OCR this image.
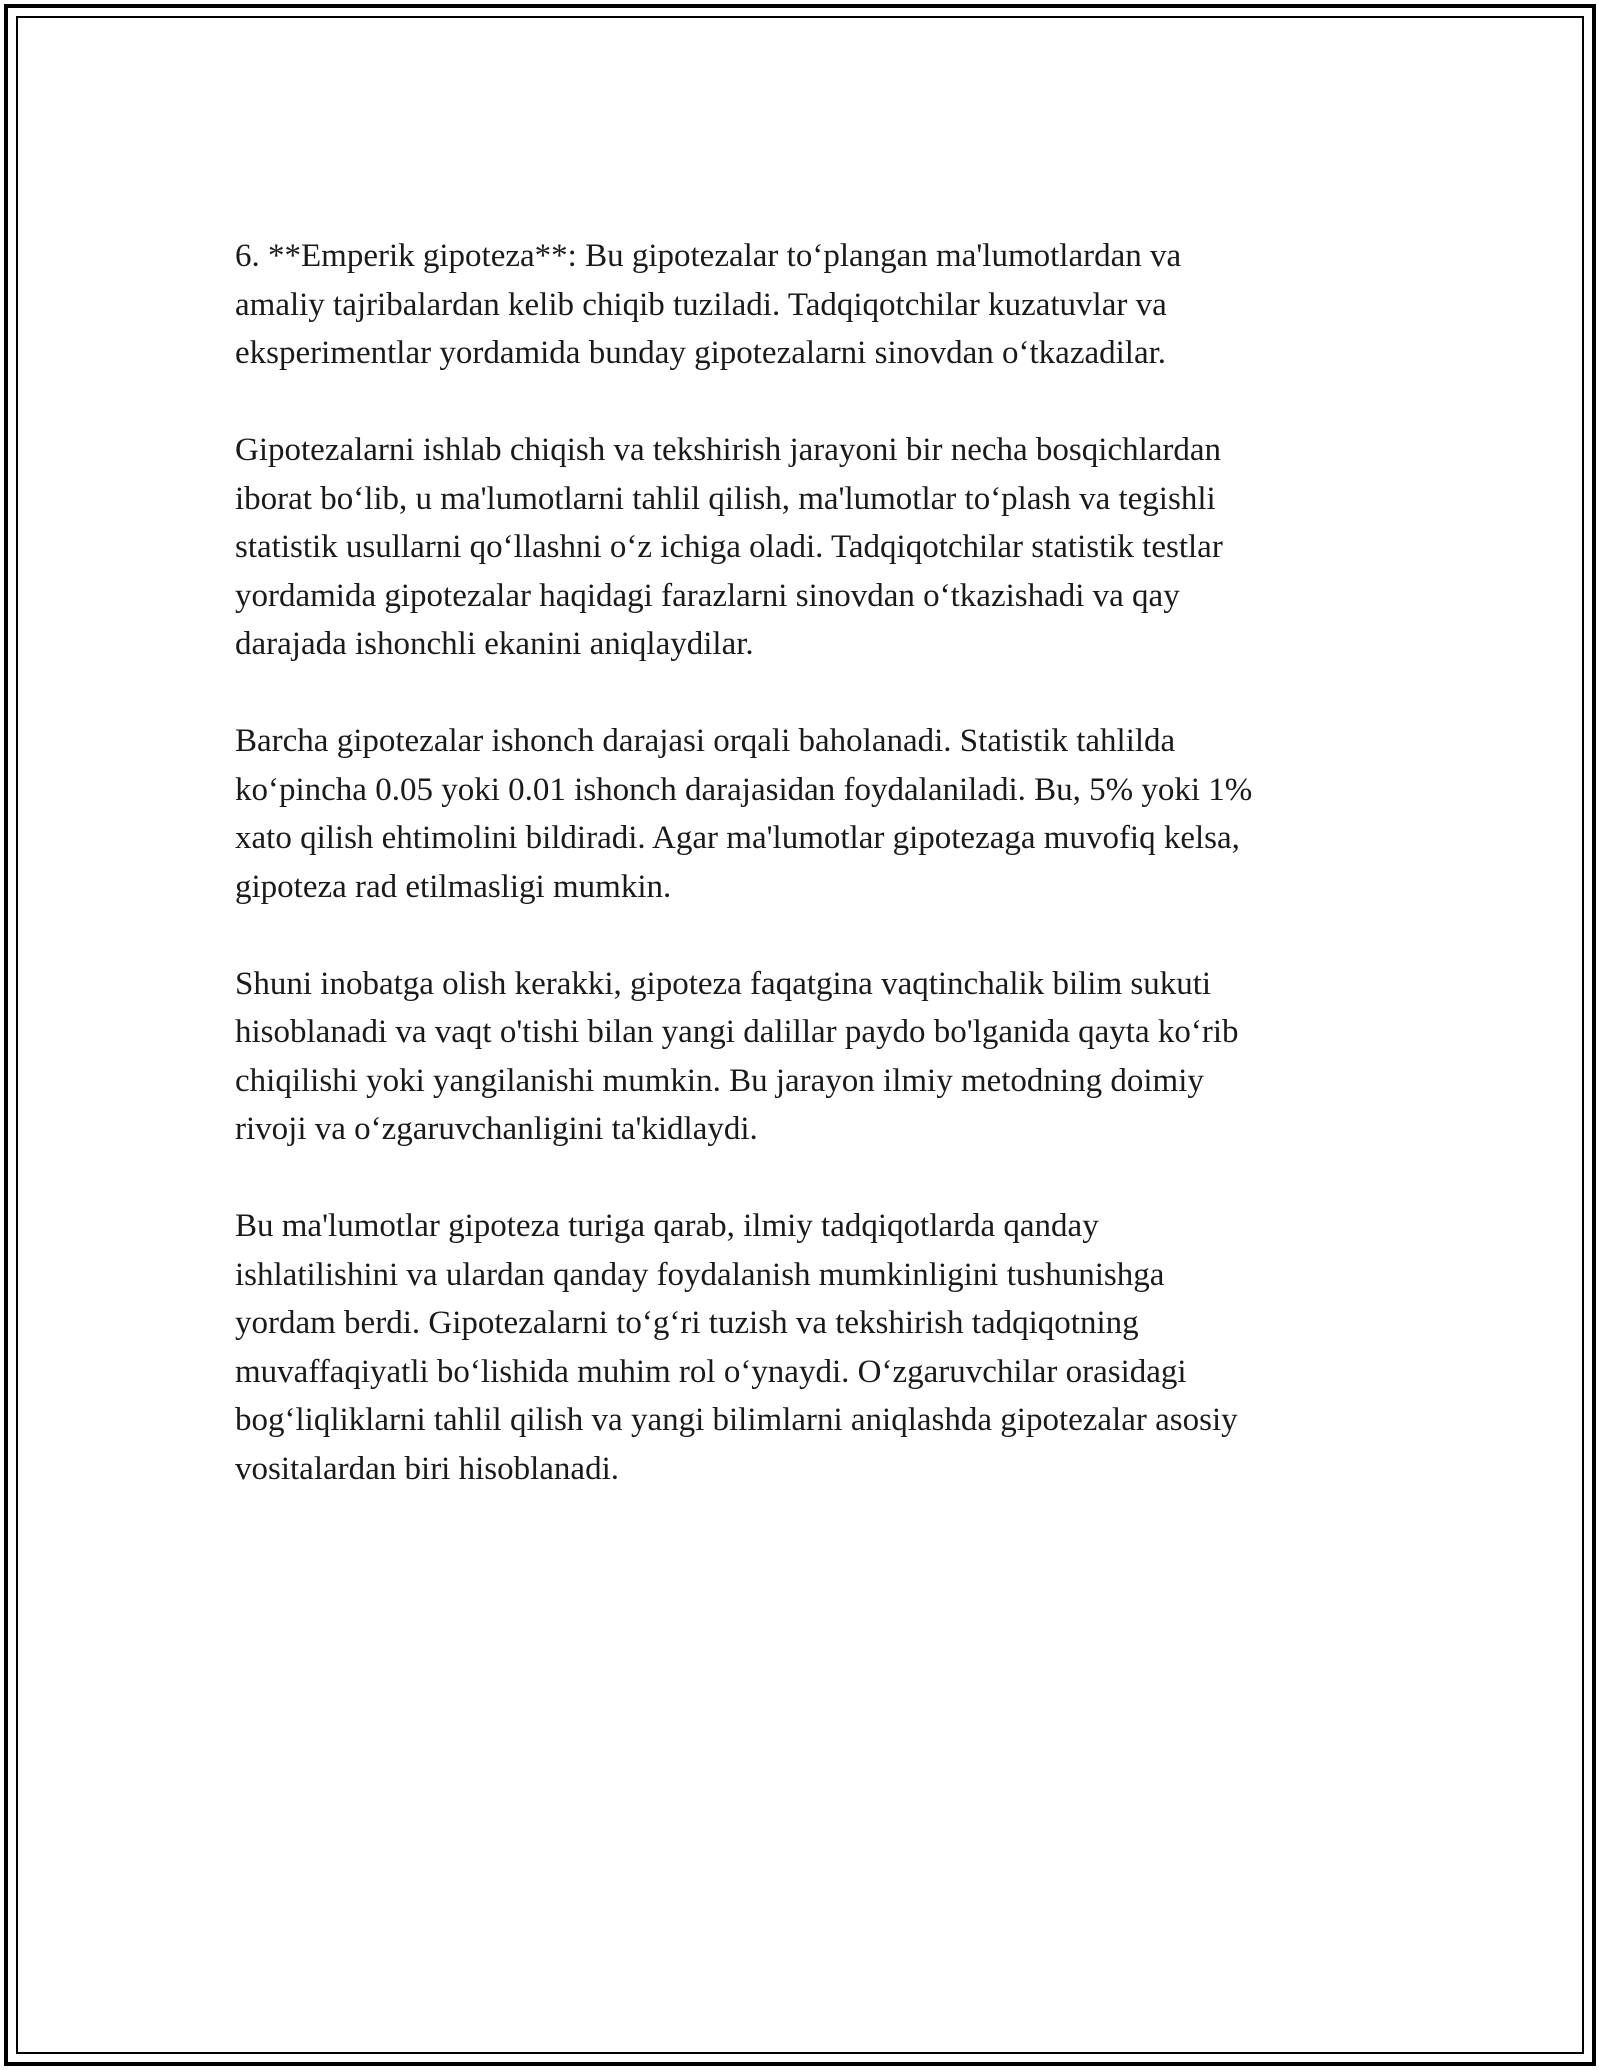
6. **Emperik gipoteza**: Bu gipotezalar to‘plangan ma'lumotlardan va
amaliy tajribalardan kelib chiqib tuziladi. Tadqiqotchilar kuzatuvlar va
eksperimentlar yordamida bunday gipotezalarni sinovdan o‘tkazadilar.

Gipotezalarni ishlab chiqish va tekshirish jarayoni bir necha bosqichlardan
iborat bo‘lib, u ma'lumotlarni tahlil qilish, ma'lumotlar to‘plash va tegishli
statistik usullarni qo‘llashni o‘z ichiga oladi. Tadqiqotchilar statistik testlar
yordamida gipotezalar haqidagi farazlarni sinovdan o‘tkazishadi va qay
darajada ishonchli ekanini aniqlaydilar.

Barcha gipotezalar ishonch darajasi orqali baholanadi. Statistik tahlilda
ko‘pincha 0.05 yoki 0.01 ishonch darajasidan foydalaniladi. Bu, 5% yoki 1%
xato qilish ehtimolini bildiradi. Agar ma'lumotlar gipotezaga muvofiq kelsa,
gipoteza rad etilmasligi mumkin.

Shuni inobatga olish kerakki, gipoteza faqatgina vaqtinchalik bilim sukuti
hisoblanadi va vaqt o'tishi bilan yangi dalillar paydo bo'lganida qayta ko‘rib
chiqilishi yoki yangilanishi mumkin. Bu jarayon ilmiy metodning doimiy
rivoji va o‘zgaruvchanligini ta'kidlaydi.

Bu ma'lumotlar gipoteza turiga qarab, ilmiy tadqiqotlarda qanday
ishlatilishini va ulardan qanday foydalanish mumkinligini tushunishga
yordam berdi. Gipotezalarni to‘g‘ri tuzish va tekshirish tadqiqotning
muvaffaqiyatli bo‘lishida muhim rol o‘ynaydi. O‘zgaruvchilar orasidagi
bog‘liqliklarni tahlil qilish va yangi bilimlarni aniqlashda gipotezalar asosiy
vositalardan biri hisoblanadi.
